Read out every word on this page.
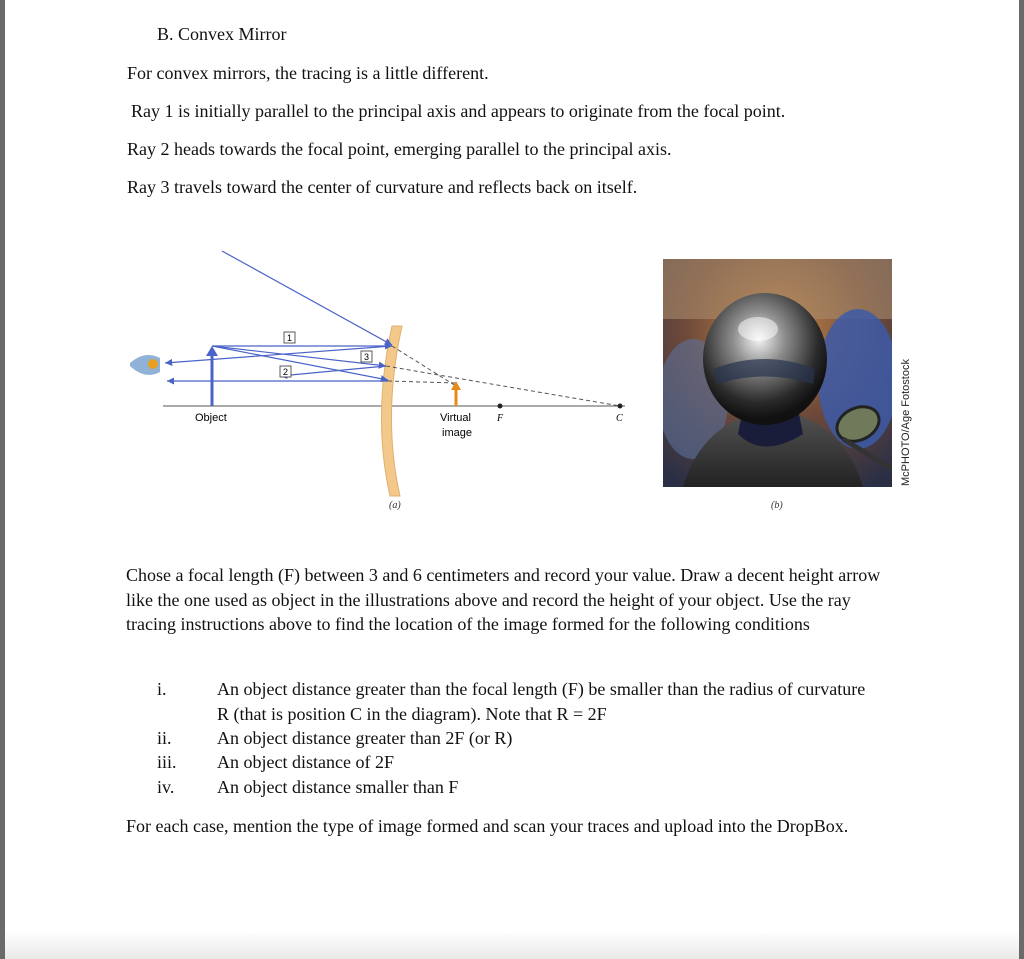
B. Convex Mirror
For convex mirrors, the tracing is a little different.
Ray 1 is initially parallel to the principal axis and appears to originate from the focal point.
Ray 2 heads towards the focal point, emerging parallel to the principal axis.
Ray 3 travels toward the center of curvature and reflects back on itself.
1
2
3
Object	Virtual
image
F	C
(a)	(b)
McPHOTO/Age Fotostock
Chose a focal length (F) between 3 and 6 centimeters and record your value. Draw a decent height arrow like the one used as object in the illustrations above and record the height of your object. Use the ray tracing instructions above to find the location of the image formed for the following conditions
i.	An object distance greater than the focal length (F) be smaller than the radius of curvature R (that is position C in the diagram). Note that R = 2F
ii.	An object distance greater than 2F (or R)
iii. An object distance of 2F
iv. An object distance smaller than F
For each case, mention the type of image formed and scan your traces and upload into the DropBox.
